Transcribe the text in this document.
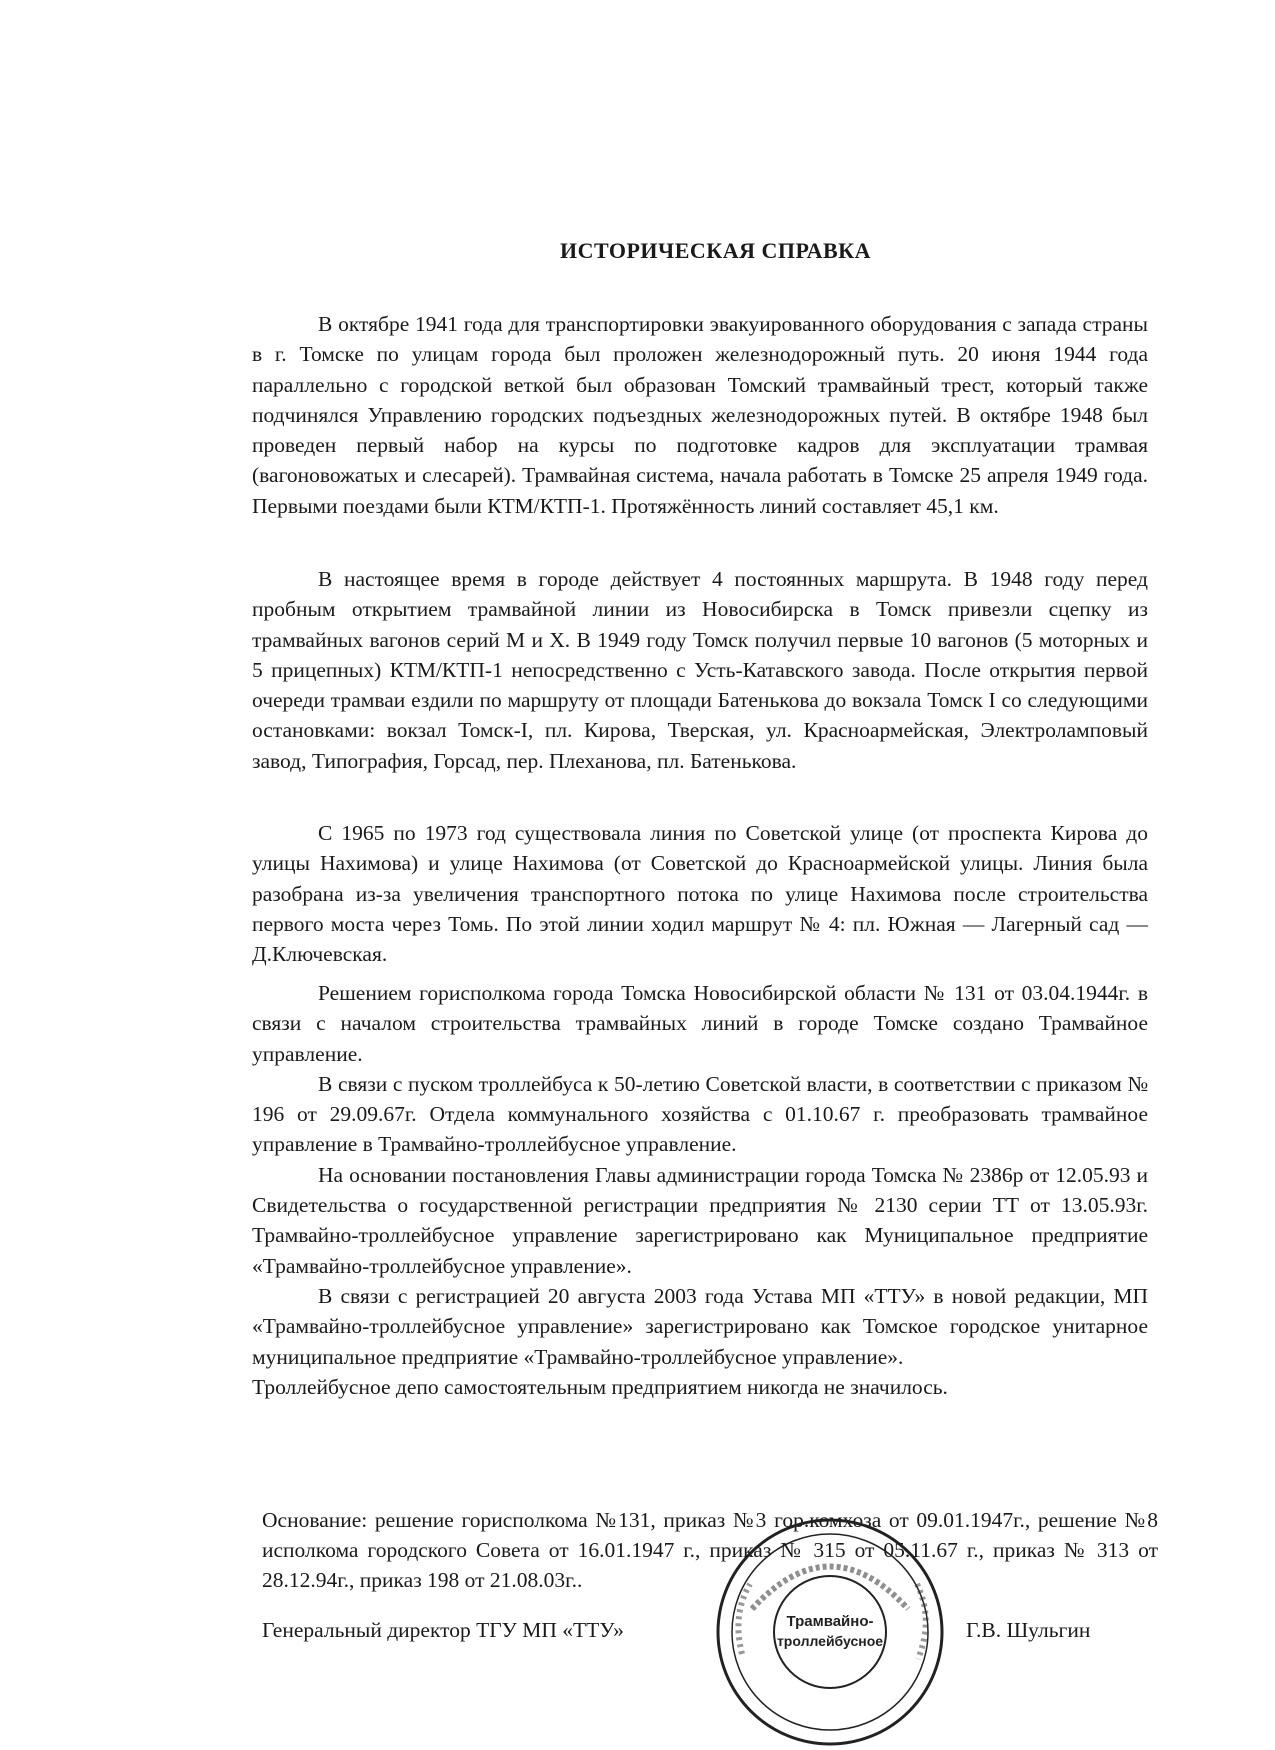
ИСТОРИЧЕСКАЯ СПРАВКА

В октябре 1941 года для транспортировки эвакуированного оборудования с запада страны в г. Томске по улицам города был проложен железнодорожный путь. 20 июня 1944 года параллельно с городской веткой был образован Томский трамвайный трест, который также подчинялся Управлению городских подъездных железнодорожных путей. В октябре 1948 был проведен первый набор на курсы по подготовке кадров для эксплуатации трамвая (вагоновожатых и слесарей). Трамвайная система, начала работать в Томске 25 апреля 1949 года. Первыми поездами были КТМ/КТП-1. Протяжённость линий составляет 45,1 км.

В настоящее время в городе действует 4 постоянных маршрута. В 1948 году перед пробным открытием трамвайной линии из Новосибирска в Томск привезли сцепку из трамвайных вагонов серий М и Х. В 1949 году Томск получил первые 10 вагонов (5 моторных и 5 прицепных) КТМ/КТП-1 непосредственно с Усть-Катавского завода. После открытия первой очереди трамваи ездили по маршруту от площади Батенькова до вокзала Томск I со следующими остановками: вокзал Томск-I, пл. Кирова, Тверская, ул. Красноармейская, Электроламповый завод, Типография, Горсад, пер. Плеханова, пл. Батенькова.

С 1965 по 1973 год существовала линия по Советской улице (от проспекта Кирова до улицы Нахимова) и улице Нахимова (от Советской до Красноармейской улицы. Линия была разобрана из-за увеличения транспортного потока по улице Нахимова после строительства первого моста через Томь. По этой линии ходил маршрут № 4: пл. Южная — Лагерный сад — Д.Ключевская.

Решением горисполкома города Томска Новосибирской области № 131 от 03.04.1944г. в связи с началом строительства трамвайных линий в городе Томске создано Трамвайное управление.

В связи с пуском троллейбуса к 50-летию Советской власти, в соответствии с приказом № 196 от 29.09.67г. Отдела коммунального хозяйства с 01.10.67 г. преобразовать трамвайное управление в Трамвайно-троллейбусное управление.

На основании постановления Главы администрации города Томска № 2386р от 12.05.93 и Свидетельства о государственной регистрации предприятия № 2130 серии ТТ от 13.05.93г. Трамвайно-троллейбусное управление зарегистрировано как Муниципальное предприятие «Трамвайно-троллейбусное управление».

В связи с регистрацией 20 августа 2003 года Устава МП «ТТУ» в новой редакции, МП «Трамвайно-троллейбусное управление» зарегистрировано как Томское городское унитарное муниципальное предприятие «Трамвайно-троллейбусное управление».

Троллейбусное депо самостоятельным предприятием никогда не значилось.

Основание: решение горисполкома №131, приказ №3 гор.комхоза от 09.01.1947г., решение №8 исполкома городского Совета от 16.01.1947 г., приказ № 315 от 05.11.67 г., приказ № 313 от 28.12.94г., приказ 198 от 21.08.03г..
Трамвайно-
троллейбусное
Генеральный директор ТГУ МП «ТТУ»	Г.В. Шульгин
